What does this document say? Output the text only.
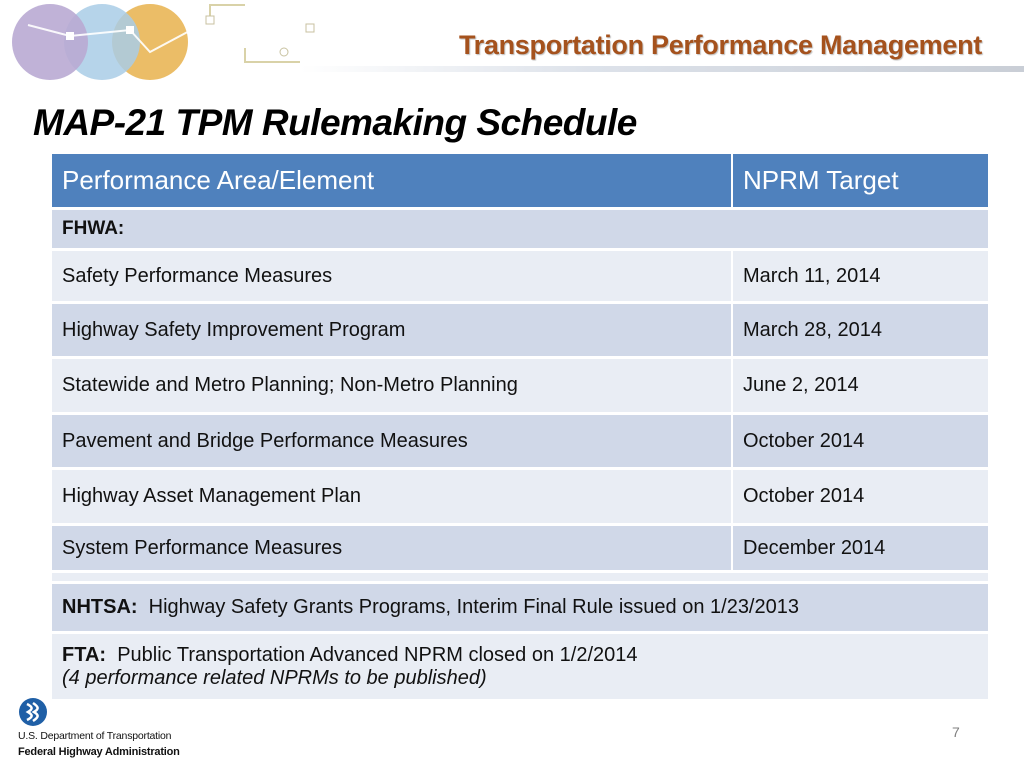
Transportation Performance Management
MAP-21 TPM Rulemaking Schedule
Performance Area/Element	NPRM Target
FHWA:
Safety Performance Measures	March 11, 2014
Highway Safety Improvement Program	March 28, 2014
Statewide and Metro Planning; Non-Metro Planning	June 2, 2014
Pavement and Bridge Performance Measures	October 2014
Highway Asset Management Plan	October 2014
System Performance Measures	December 2014
NHTSA:
Highway Safety Grants Programs, Interim Final Rule issued on 1/23/2013
FTA: Public Transportation Advanced NPRM closed on 1/2/2014
(4 performance related NPRMs to be published)
U.S. Department of Transportation
Federal Highway Administration
7
